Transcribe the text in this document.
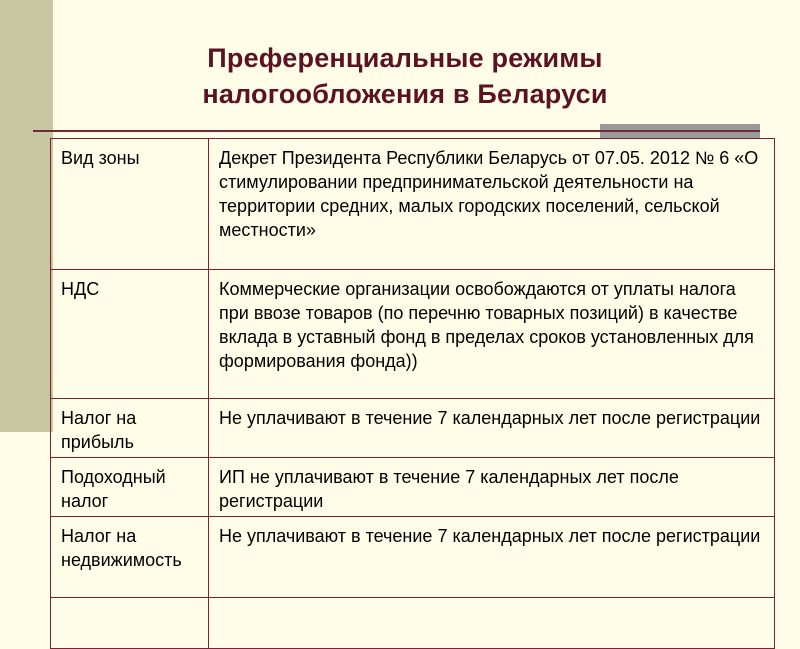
Преференциальные режимы
налогообложения в Беларуси
Вид зоны	Декрет Президента Республики Беларусь от 07.05. 2012 № 6 «О стимулировании предпринимательской деятельности на территории средних, малых городских поселений, сельской местности»
НДС	Коммерческие организации освобождаются от уплаты налога при ввозе товаров (по перечню товарных позиций) в качестве вклада в уставный фонд в пределах сроков установленных для формирования фонда))
Налог на прибыль	Не уплачивают в течение 7 календарных лет после регистрации
Подоходный налог	ИП не уплачивают в течение 7 календарных лет после регистрации
Налог на недвижимость	Не уплачивают в течение 7 календарных лет после регистрации
